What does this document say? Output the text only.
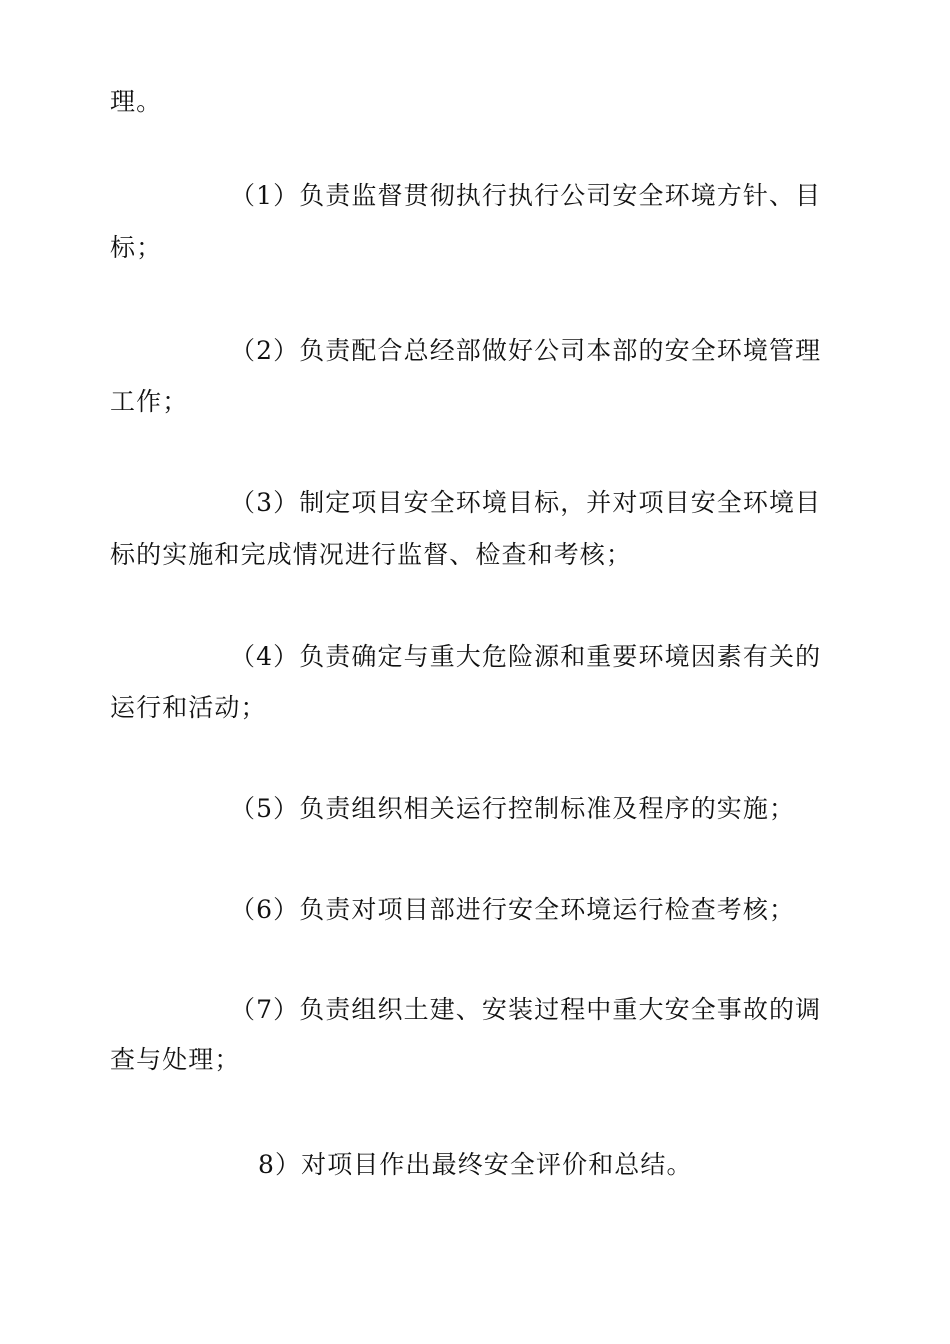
理。
（1）负责监督贯彻执行执行公司安全环境方针、目
标；
（2）负责配合总经部做好公司本部的安全环境管理
工作；
（3）制定项目安全环境目标，并对项目安全环境目
标的实施和完成情况进行监督、检查和考核；
（4）负责确定与重大危险源和重要环境因素有关的
运行和活动；
（5）负责组织相关运行控制标准及程序的实施；
（6）负责对项目部进行安全环境运行检查考核；
（7）负责组织土建、安装过程中重大安全事故的调
查与处理；
8）对项目作出最终安全评价和总结。
